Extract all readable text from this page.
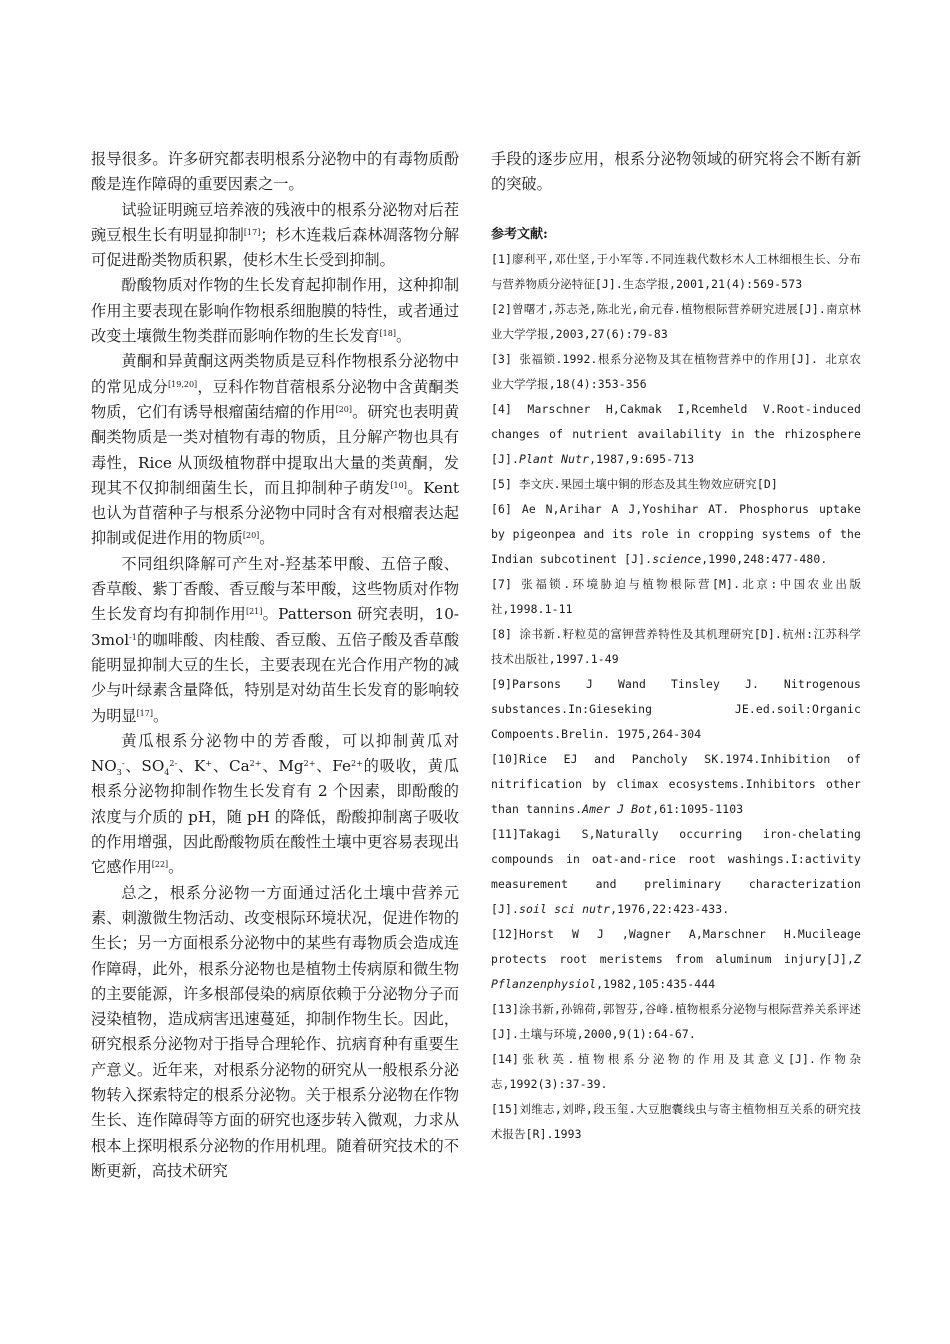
报导很多。许多研究都表明根系分泌物中的有毒物质酚酸是连作障碍的重要因素之一。

试验证明豌豆培养液的残液中的根系分泌物对后茬豌豆根生长有明显抑制[17]；杉木连栽后森林凋落物分解可促进酚类物质积累，使杉木生长受到抑制。

酚酸物质对作物的生长发育起抑制作用，这种抑制作用主要表现在影响作物根系细胞膜的特性，或者通过改变土壤微生物类群而影响作物的生长发育[18]。

黄酮和异黄酮这两类物质是豆科作物根系分泌物中的常见成分[19,20]，豆科作物苜蓿根系分泌物中含黄酮类物质，它们有诱导根瘤菌结瘤的作用[20]。研究也表明黄酮类物质是一类对植物有毒的物质，且分解产物也具有毒性，Rice 从顶级植物群中提取出大量的类黄酮，发现其不仅抑制细菌生长，而且抑制种子萌发[10]。Kent 也认为苜蓿种子与根系分泌物中同时含有对根瘤表达起抑制或促进作用的物质[20]。

不同组织降解可产生对-羟基苯甲酸、五倍子酸、香草酸、紫丁香酸、香豆酸与苯甲酸，这些物质对作物生长发育均有抑制作用[21]。Patterson 研究表明，10-3mol$^{-1}$的咖啡酸、肉桂酸、香豆酸、五倍子酸及香草酸能明显抑制大豆的生长，主要表现在光合作用产物的减少与叶绿素含量降低，特别是对幼苗生长发育的影响较为明显[17]。

黄瓜根系分泌物中的芳香酸，可以抑制黄瓜对$NO_3^-$、$SO_4^{2-}$、K+、$Ca^{2+}$、$Mg^{2+}$、$Fe^{2+}$的吸收，黄瓜根系分泌物抑制作物生长发育有 2 个因素，即酚酸的浓度与介质的 pH，随 pH 的降低，酚酸抑制离子吸收的作用增强，因此酚酸物质在酸性土壤中更容易表现出它感作用[22]。

总之，根系分泌物一方面通过活化土壤中营养元素、刺激微生物活动、改变根际环境状况，促进作物的生长；另一方面根系分泌物中的某些有毒物质会造成连作障碍，此外，根系分泌物也是植物土传病原和微生物的主要能源，许多根部侵染的病原依赖于分泌物分子而浸染植物，造成病害迅速蔓延，抑制作物生长。因此，研究根系分泌物对于指导合理轮作、抗病育种有重要生产意义。近年来，对根系分泌物的研究从一般根系分泌物转入探索特定的根系分泌物。关于根系分泌物在作物生长、连作障碍等方面的研究也逐步转入微观，力求从根本上探明根系分泌物的作用机理。随着研究技术的不断更新，高技术研究

手段的逐步应用，根系分泌物领域的研究将会不断有新的突破。

参考文献:

[1]廖利平,邓仕坚,于小军等.不同连栽代数杉木人工林细根生长、分布与营养物质分泌特征[J].生态学报,2001,21(4):569-573

[2]曾曙才,苏志尧,陈北光,俞元春.植物根际营养研究进展[J].南京林业大学学报,2003,27(6):79-83

[3] 张福锁.1992.根系分泌物及其在植物营养中的作用[J]. 北京农业大学学报,18(4):353-356

[4] Marschner H,Cakmak I,Rcemheld V.Root-induced changes of nutrient availability in the rhizosphere [J].Plant Nutr,1987,9:695-713

[5] 李文庆.果园土壤中铜的形态及其生物效应研究[D]

[6] Ae N,Arihar A J,Yoshihar AT. Phosphorus uptake by pigeonpea and its role in cropping systems of the Indian subcotinent [J].science,1990,248:477-480.

[7] 张福锁.环境胁迫与植物根际营[M].北京:中国农业出版社,1998.1-11

[8] 涂书新.籽粒苋的富钾营养特性及其机理研究[D].杭州:江苏科学技术出版社,1997.1-49

[9]Parsons J Wand Tinsley J. Nitrogenous substances.In:Gieseking JE.ed.soil:Organic Compoents.Brelin. 1975,264-304

[10]Rice EJ and Pancholy SK.1974.Inhibition of nitrification by climax ecosystems.Inhibitors other than tannins.Amer J Bot,61:1095-1103

[11]Takagi S,Naturally occurring iron-chelating compounds in oat-and-rice root washings.I:activity measurement and preliminary characterization [J].soil sci nutr,1976,22:423-433.

[12]Horst W J ,Wagner A,Marschner H.Mucileage protects root meristems from aluminum injury[J],Z Pflanzenphysiol,1982,105:435-444

[13]涂书新,孙锦荷,郭智芬,谷峰.植物根系分泌物与根际营养关系评述[J].土壤与环境,2000,9(1):64-67.

[14]张秋英.植物根系分泌物的作用及其意义[J].作物杂志,1992(3):37-39.

[15]刘维志,刘晔,段玉玺.大豆胞囊线虫与寄主植物相互关系的研究技术报告[R].1993
